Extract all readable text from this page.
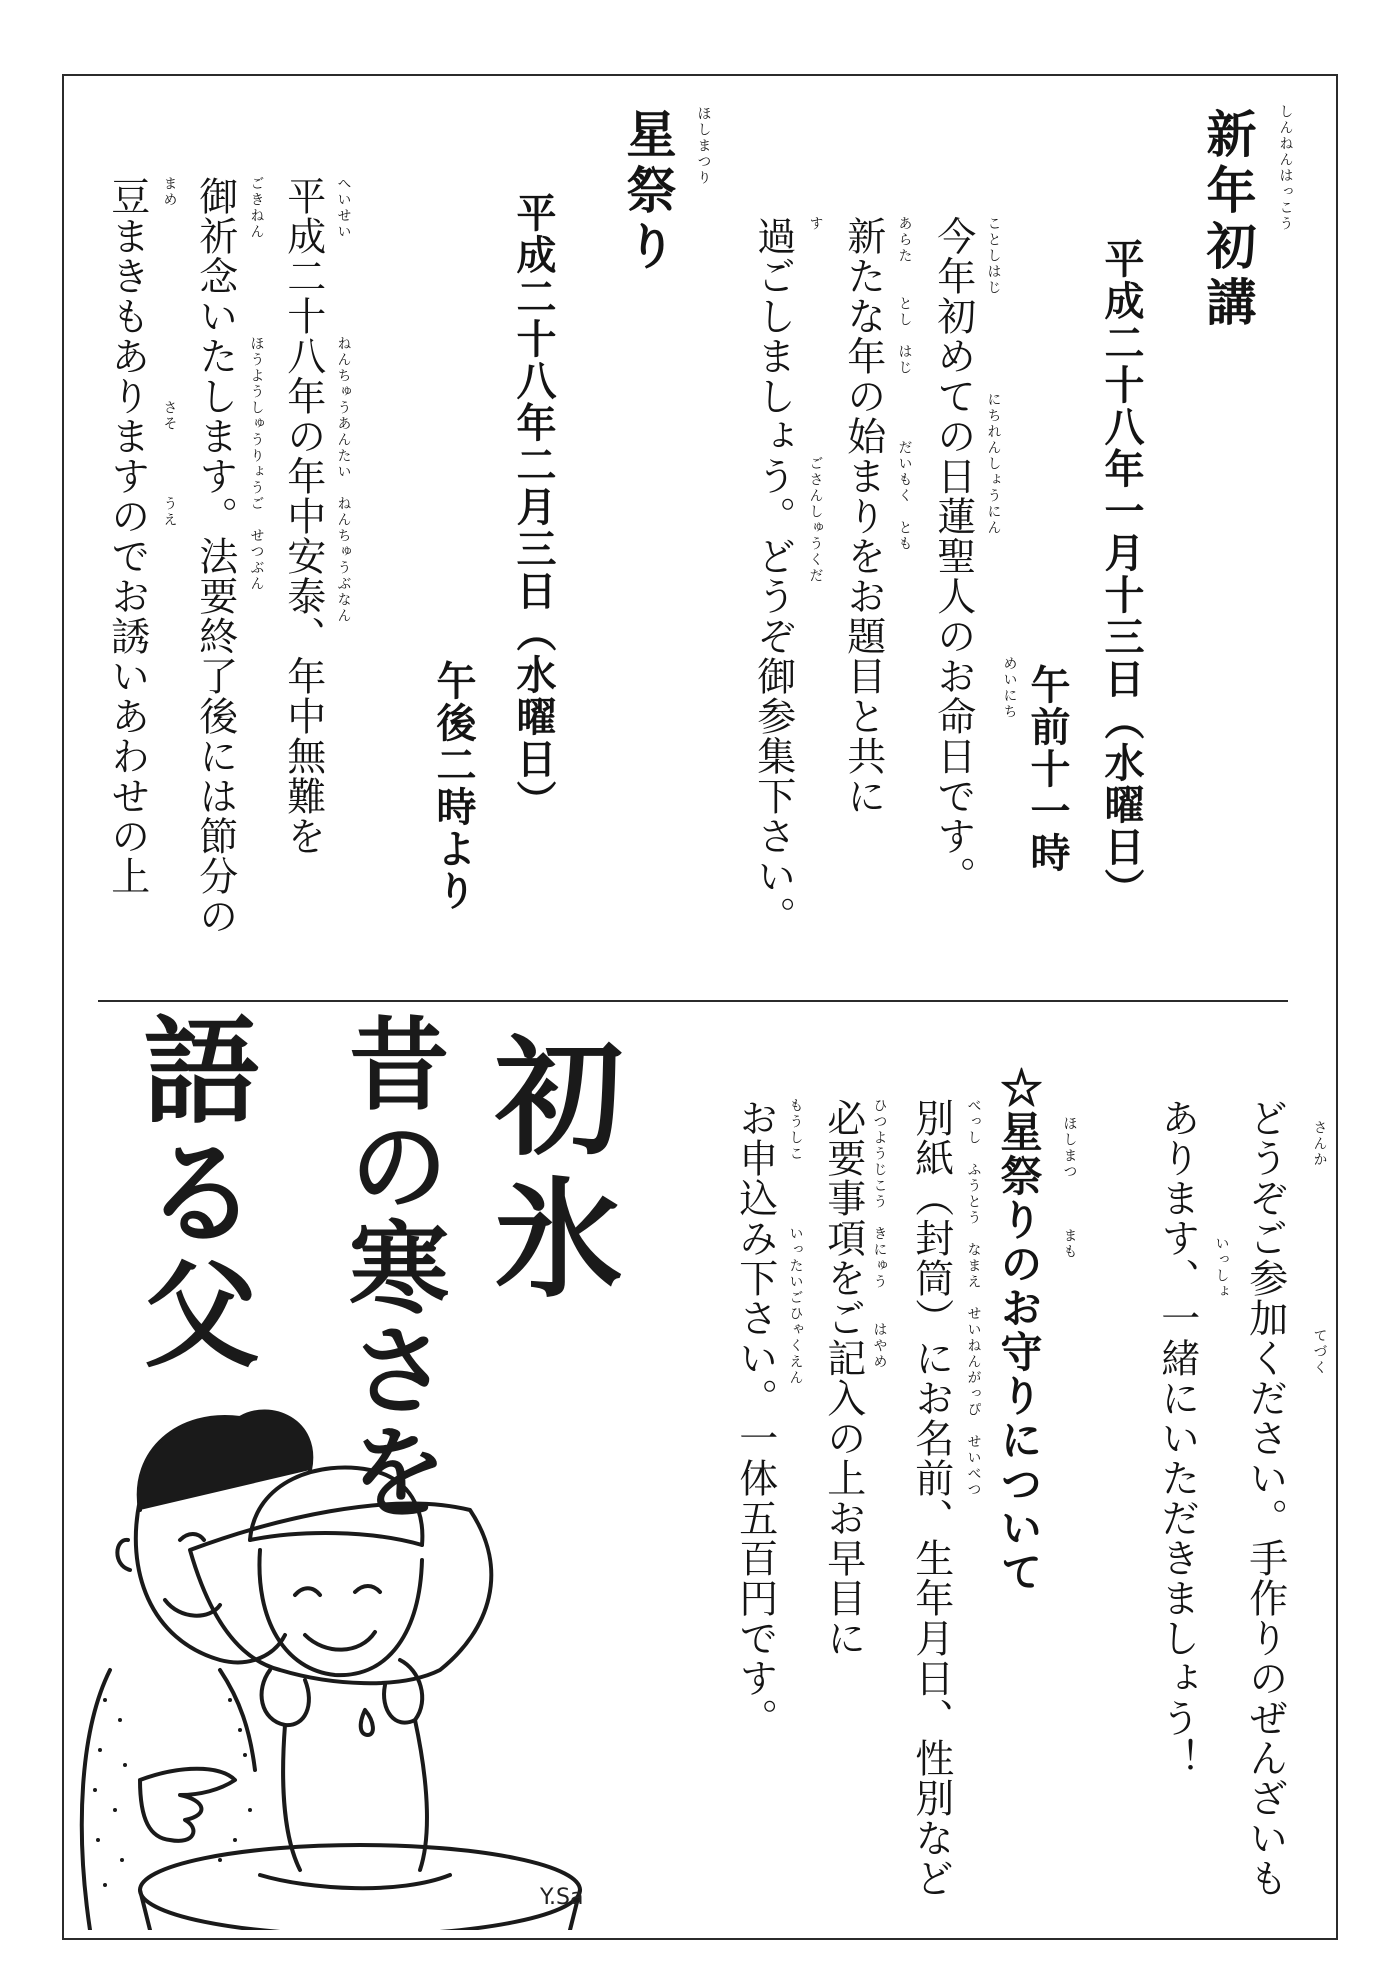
しんねんはっこう
新年初講
平成二十八年一月十三日（水曜日）
めいにち 午前十一時
ことしはじ　　　　　　にちれんしょうにん
今年初めての日蓮聖人のお命日です。
あらた　　とし　はじ　　　　だいもく　とも
新たな年の始まりをお題目と共に
す　　　　　　　　　　　　　　ごさんしゅうくだ
過ごしましょう。どうぞ御参集下さい。
ほしまつり
星祭り
平成二十八年二月三日（水曜日）
午後二時より
へいせい　　　　　　ねんちゅうあんたい　ねんちゅうぶなん
平成二十八年の年中安泰、年中無難を
ごきねん　　　　　　ほうようしゅうりょうご　せつぶん
御祈念いたします。法要終了後には節分の
まめ　　　　　　　　　　　　さそ　　　　うえ
豆まきもありますのでお誘いあわせの上
さんか　　　　　　　　　　てづく
どうぞご参加ください。手作りのぜんざいも
いっしょ
あります、一緒にいただきましょう！
ほしまつ　　　まも
☆星祭りのお守りについて
べっし　ふうとう　なまえ　せいねんがっぴ　せいべつ
別紙（封筒）にお名前、生年月日、性別など
ひつようじこう　きにゅう　　はやめ
必要事項をご記入の上お早目に
もうしこ　　　　いったいごひゃくえん
お申込み下さい。一体五百円です。
初氷
昔の寒さを
語る父
Y.Sa
